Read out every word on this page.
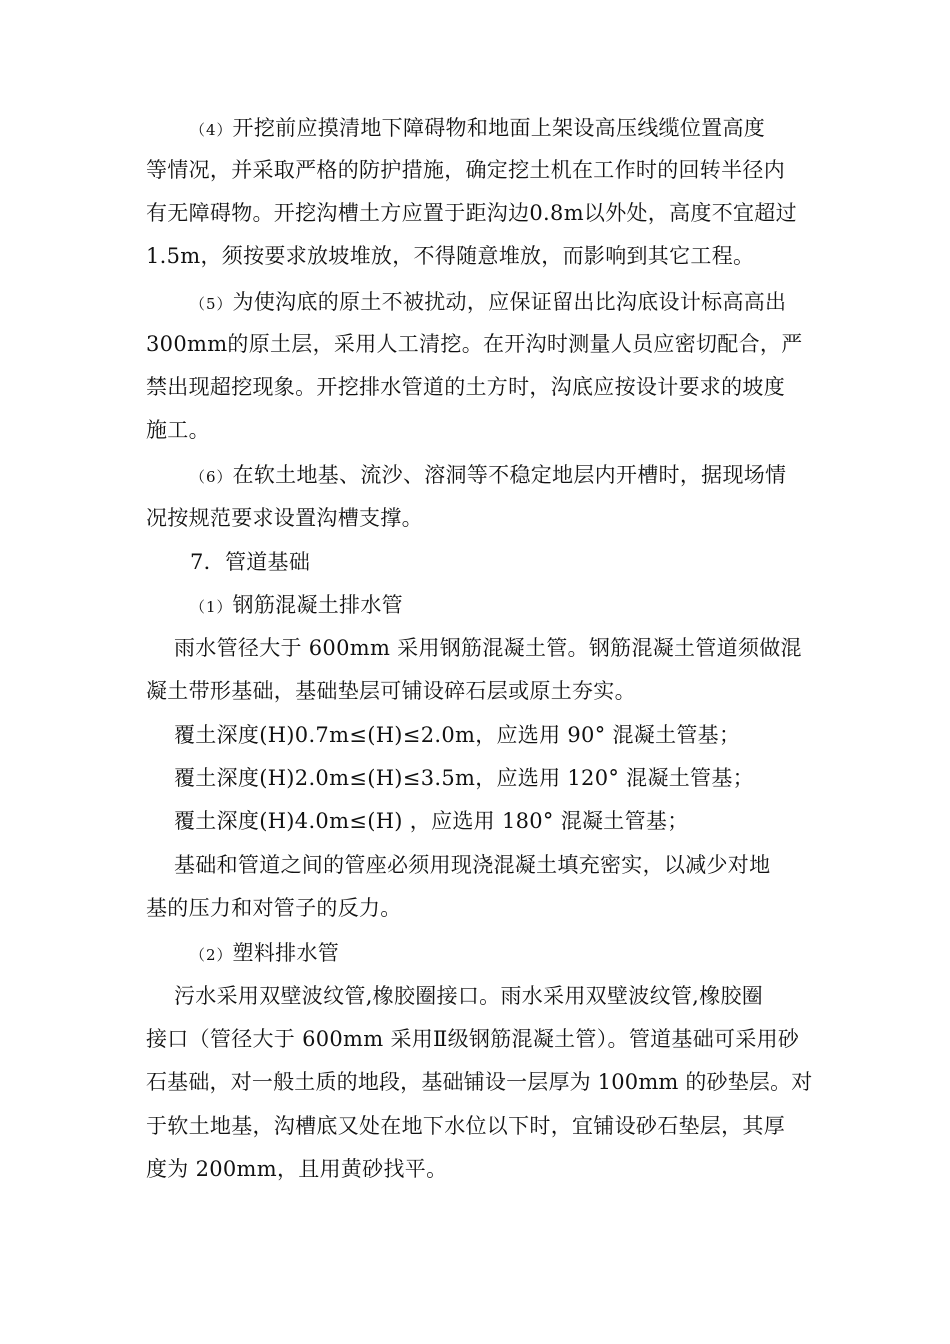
（4）开挖前应摸清地下障碍物和地面上架设高压线缆位置高度
等情况，并采取严格的防护措施，确定挖土机在工作时的回转半径内
有无障碍物。开挖沟槽土方应置于距沟边0.8m以外处，高度不宜超过
1.5m，须按要求放坡堆放，不得随意堆放，而影响到其它工程。
（5）为使沟底的原土不被扰动，应保证留出比沟底设计标高高出
300mm的原土层，采用人工清挖。在开沟时测量人员应密切配合，严
禁出现超挖现象。开挖排水管道的土方时，沟底应按设计要求的坡度
施工。
（6）在软土地基、流沙、溶洞等不稳定地层内开槽时，据现场情
况按规范要求设置沟槽支撑。
7．管道基础
（1）钢筋混凝土排水管
雨水管径大于 600mm 采用钢筋混凝土管。钢筋混凝土管道须做混
凝土带形基础，基础垫层可铺设碎石层或原土夯实。
覆土深度(H)0.7m≤(H)≤2.0m，应选用 90° 混凝土管基；
覆土深度(H)2.0m≤(H)≤3.5m，应选用 120° 混凝土管基；
覆土深度(H)4.0m≤(H) ，应选用 180° 混凝土管基；
基础和管道之间的管座必须用现浇混凝土填充密实，以减少对地
基的压力和对管子的反力。
（2）塑料排水管
污水采用双壁波纹管,橡胶圈接口。雨水采用双壁波纹管,橡胶圈
接口（管径大于 600mm 采用Ⅱ级钢筋混凝土管）。管道基础可采用砂
石基础，对一般土质的地段，基础铺设一层厚为 100mm 的砂垫层。对
于软土地基，沟槽底又处在地下水位以下时，宜铺设砂石垫层，其厚
度为 200mm，且用黄砂找平。
